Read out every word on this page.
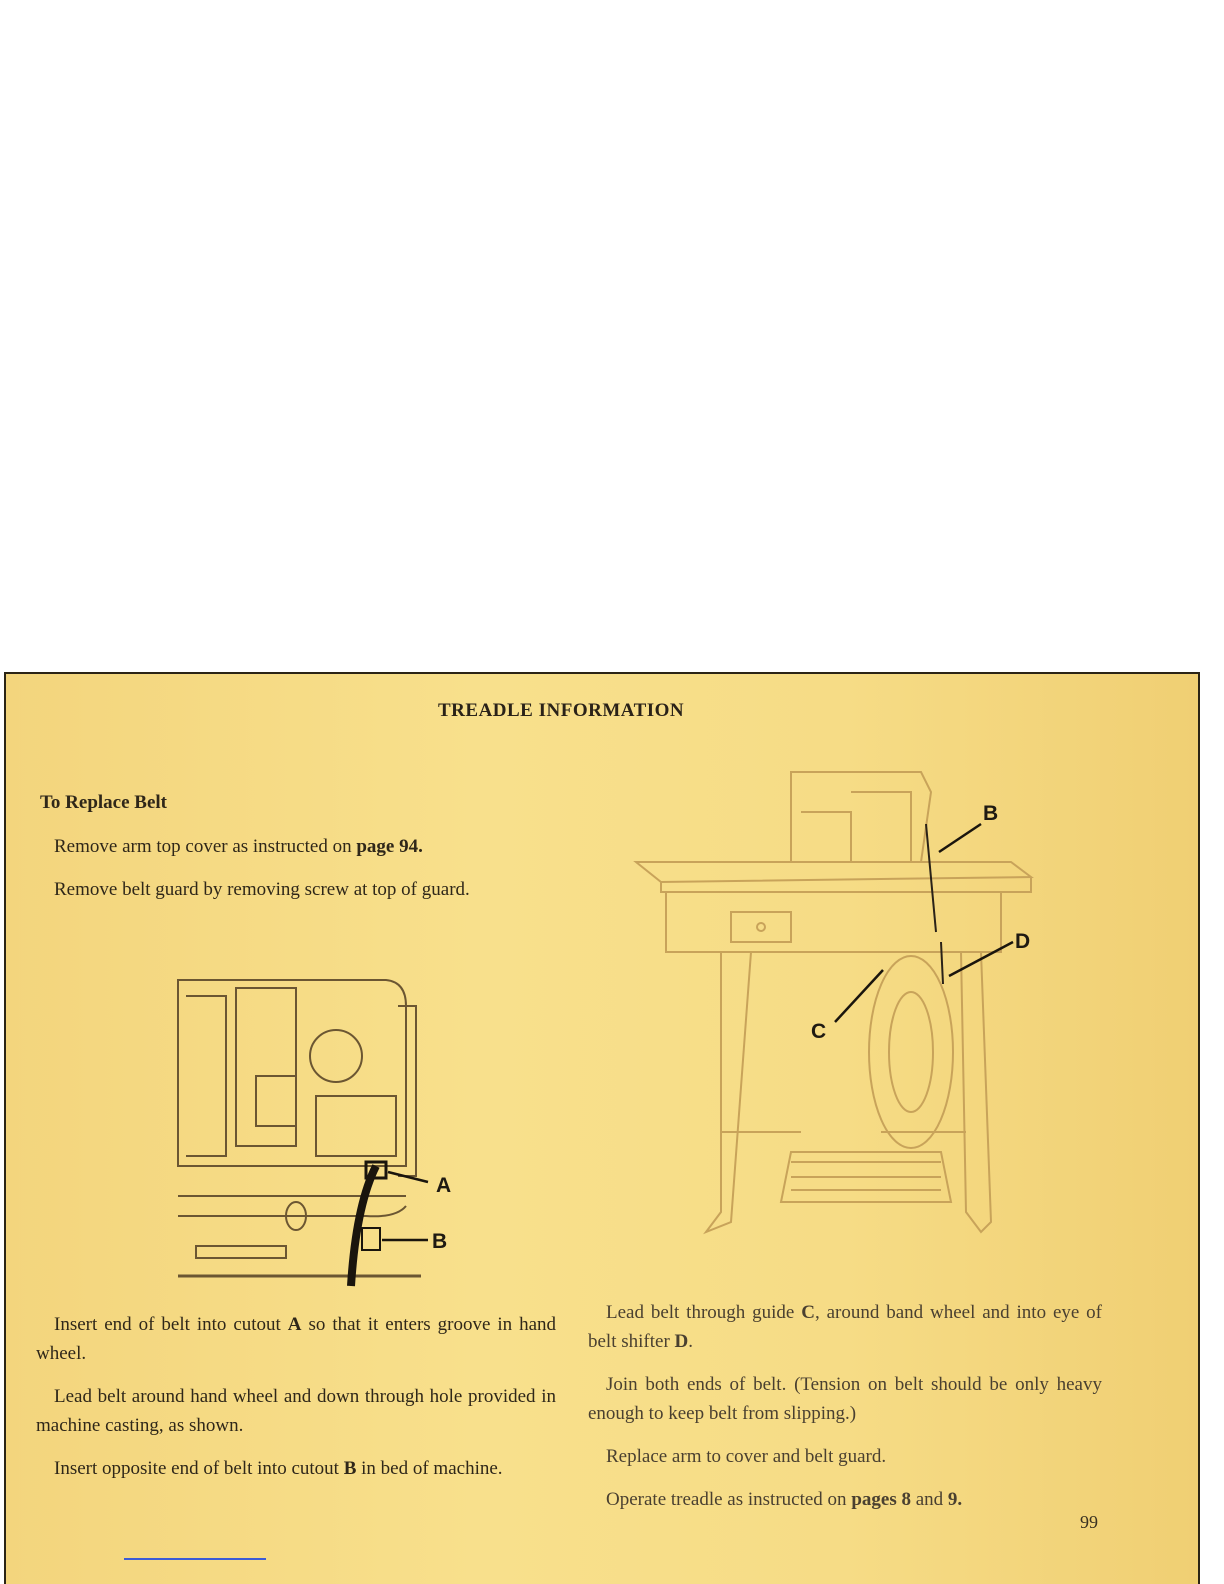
TREADLE INFORMATION
To Replace Belt

Remove arm top cover as instructed on page 94.

Remove belt guard by removing screw at top of guard.

A
B
B
D
C

Insert end of belt into cutout A so that it enters groove in hand wheel.

Lead belt around hand wheel and down through hole provided in machine casting, as shown.

Insert opposite end of belt into cutout B in bed of machine.

Lead belt through guide C, around band wheel and into eye of belt shifter D.

Join both ends of belt. (Tension on belt should be only heavy enough to keep belt from slipping.)

Replace arm to cover and belt guard.

Operate treadle as instructed on pages 8 and 9.

99
